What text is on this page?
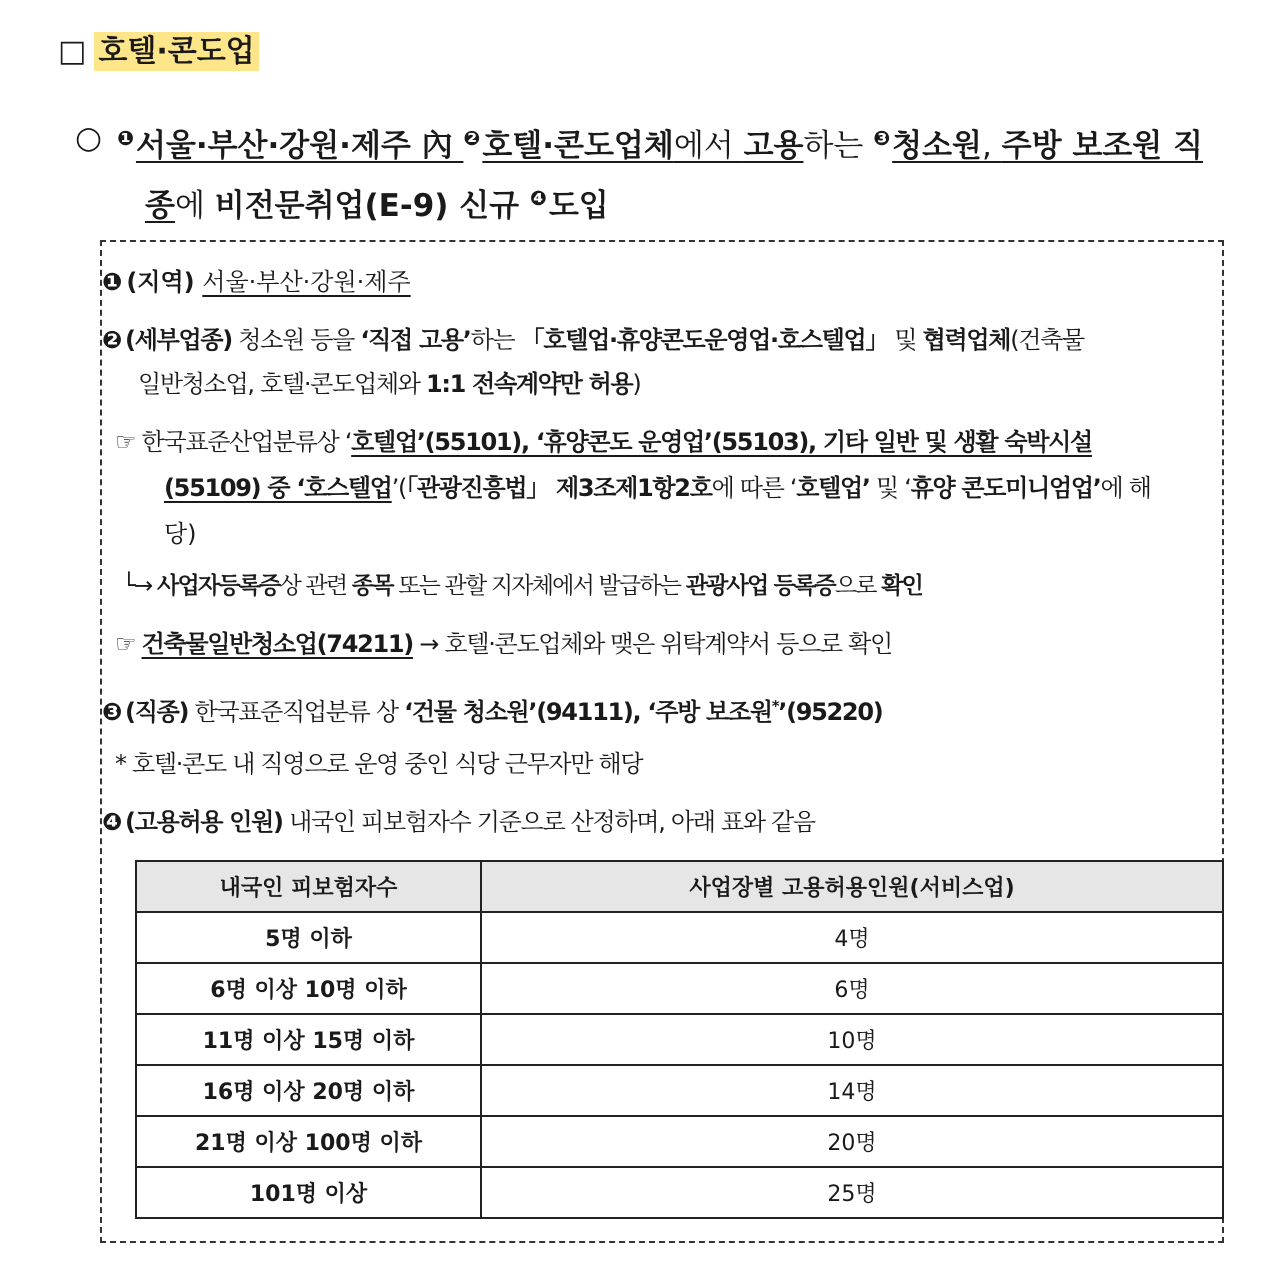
□ 호텔·콘도업
○ $^❶$서울·부산·강원·제주 內 $^❷$호텔·콘도업체에서 고용하는 $^❸$청소원, 주방 보조원 직
종에 비전문취업(E-9) 신규 $^❹$도입
❶ (지역) 서울·부산·강원·제주
❷ (세부업종) 청소원 등을 ‘직접 고용’하는 「호텔업·휴양콘도운영업·호스텔업」 및 협력업체(건축물
일반청소업, 호텔·콘도업체와 1:1 전속계약만 허용)
☞ 한국표준산업분류상 ‘호텔업’(55101), ‘휴양콘도 운영업’(55103), 기타 일반 및 생활 숙박시설
(55109) 중 ‘호스텔업’(「관광진흥법」 제3조제1항2호에 따른 ‘호텔업’ 및 ‘휴양 콘도미니엄업’에 해
당)
└→ 사업자등록증상 관련 종목 또는 관할 지자체에서 발급하는 관광사업 등록증으로 확인
☞ 건축물일반청소업(74211) → 호텔·콘도업체와 맺은 위탁계약서 등으로 확인
❸ (직종) 한국표준직업분류 상 ‘건물 청소원’(94111), ‘주방 보조원*’(95220)
* 호텔·콘도 내 직영으로 운영 중인 식당 근무자만 해당
❹ (고용허용 인원) 내국인 피보험자수 기준으로 산정하며, 아래 표와 같음
내국인 피보험자수	사업장별 고용허용인원(서비스업)
5명 이하	4명
6명 이상 10명 이하	6명
11명 이상 15명 이하	10명
16명 이상 20명 이하	14명
21명 이상 100명 이하	20명
101명 이상	25명
